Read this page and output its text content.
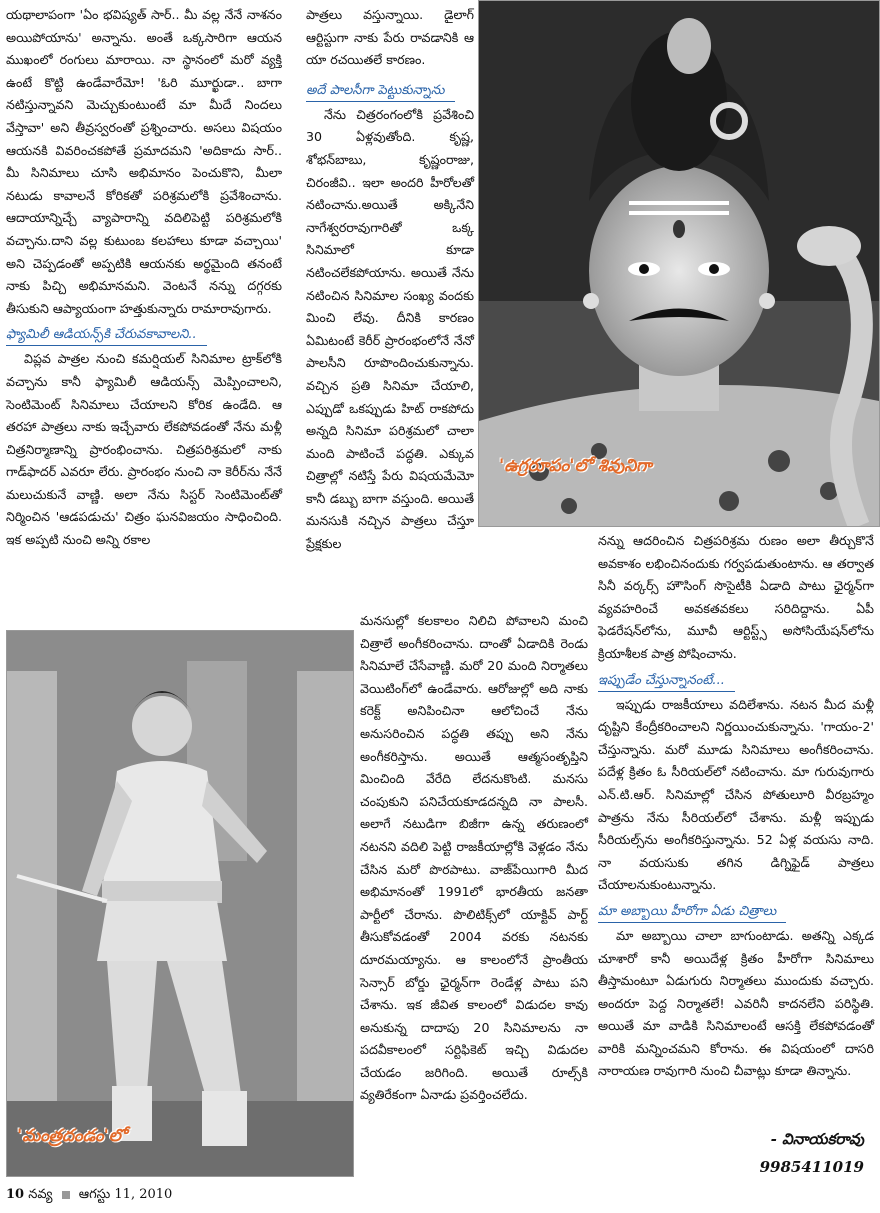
యథాలాపంగా 'ఏం భవిష్యత్ సార్.. మీ వల్ల నేనే నాశనం అయిపోయాను' అన్నాను. అంతే ఒక్కసారిగా ఆయన ముఖంలో రంగులు మారాయి. నా స్థానంలో మరో వ్యక్తి ఉంటే కొట్టి ఉండేవారేమో! 'ఓరి మూర్ఖుడా.. బాగా నటిస్తున్నావని మెచ్చుకుంటుంటే మా మీదే నిందలు వేస్తావా' అని తీవ్రస్వరంతో ప్రశ్నించారు. అసలు విషయం ఆయనకి వివరించకపోతే ప్రమాదమని 'అదికాదు సార్.. మీ సినిమాలు చూసి అభిమానం పెంచుకొని, మీలా నటుడు కావాలనే కోరికతో పరిశ్రమలోకి ప్రవేశించాను. ఆదాయాన్నిచ్చే వ్యాపారాన్ని వదిలిపెట్టి పరిశ్రమలోకి వచ్చాను.దాని వల్ల కుటుంబ కలహాలు కూడా వచ్చాయి' అని చెప్పడంతో అప్పటికి ఆయనకు అర్థమైంది తనంటే నాకు పిచ్చి అభిమానమని. వెంటనే నన్ను దగ్గరకు తీసుకుని ఆప్యాయంగా హత్తుకున్నారు రామారావుగారు.

ఫ్యామిలీ ఆడియన్స్‌కి చేరువకావాలని..

విప్లవ పాత్రల నుంచి కమర్షియల్ సినిమాల ట్రాక్‌లోకి వచ్చాను కానీ ఫ్యామిలీ ఆడియన్స్ మెప్పించాలని, సెంటిమెంట్ సినిమాలు చేయాలని కోరిక ఉండేది. ఆ తరహా పాత్రలు నాకు ఇచ్చేవారు లేకపోవడంతో నేను మళ్లీ చిత్రనిర్మాణాన్ని ప్రారంభించాను. చిత్రపరిశ్రమలో నాకు గాడ్‌ఫాదర్ ఎవరూ లేరు. ప్రారంభం నుంచి నా కెరీర్‌ను నేనే మలుచుకునే వాణ్ణి. అలా నేను సిస్టర్ సెంటిమెంట్‌తో నిర్మించిన 'ఆడపడుచు' చిత్రం ఘనవిజయం సాధించింది. ఇక అప్పటి నుంచి అన్ని రకాల

పాత్రలు వస్తున్నాయి. డైలాగ్ ఆర్టిస్టుగా నాకు పేరు రావడానికి ఆ యా రచయితలే కారణం.

అదే పాలసీగా పెట్టుకున్నాను

నేను చిత్రరంగంలోకి ప్రవేశించి 30 ఏళ్లవుతోంది. కృష్ణ, శోభన్‌బాబు, కృష్ణంరాజు, చిరంజీవి.. ఇలా అందరి హీరోలతో నటించాను.అయితే అక్కినేని నాగేశ్వరరావుగారితో ఒక్క సినిమాలో కూడా నటించలేకపోయాను. అయితే నేను నటించిన సినిమాల సంఖ్య వందకు మించి లేవు. దీనికి కారణం ఏమిటంటే కెరీర్ ప్రారంభంలోనే నేనో పాలసీని రూపొందించుకున్నాను. వచ్చిన ప్రతి సినిమా చేయాలి, ఎప్పుడో ఒకప్పుడు హిట్ రాకపోదు అన్నది సినిమా పరిశ్రమలో చాలా మంది పాటించే పద్ధతి. ఎక్కువ చిత్రాల్లో నటిస్తే పేరు విషయమేమో కానీ డబ్బు బాగా వస్తుంది. అయితే మనసుకి నచ్చిన పాత్రలు చేస్తూ ప్రేక్షకుల

మనసుల్లో కలకాలం నిలిచి పోవాలని మంచి చిత్రాలే అంగీకరించాను. దాంతో ఏడాదికి రెండు సినిమాలే చేసేవాణ్ణి. మరో 20 మంది నిర్మాతలు వెయిటింగ్‌లో ఉండేవారు. ఆరోజుల్లో అది నాకు కరెక్ట్ అనిపించినా ఆలోచించే నేను అనుసరించిన పద్ధతి తప్పు అని నేను అంగీకరిస్తాను. అయితే ఆత్మసంతృప్తిని మించింది వేరేది లేదనుకొంటి. మనసు చంపుకుని పనిచేయకూడదన్నది నా పాలసీ. అలాగే నటుడిగా బిజీగా ఉన్న తరుణంలో నటనని వదిలి పెట్టి రాజకీయాల్లోకి వెళ్లడం నేను చేసిన మరో పొరపాటు. వాజ్‌పేయిగారి మీద అభిమానంతో 1991లో భారతీయ జనతా పార్టీలో చేరాను. పొలిటిక్స్‌లో యాక్టివ్ పార్ట్ తీసుకోవడంతో 2004 వరకు నటనకు దూరమయ్యాను. ఆ కాలంలోనే ప్రాంతీయ సెన్సార్ బోర్డు ఛైర్మన్‌గా రెండేళ్ల పాటు పని చేశాను. ఇక జీవిత కాలంలో విడుదల కావు అనుకున్న దాదాపు 20 సినిమాలను నా పదవీకాలంలో సర్టిఫికెట్ ఇచ్చి విడుదల చేయడం జరిగింది. అయితే రూల్స్‌కి వ్యతిరేకంగా ఏనాడు ప్రవర్తించలేదు.

నన్ను ఆదరించిన చిత్రపరిశ్రమ రుణం అలా తీర్చుకొనే అవకాశం లభించినందుకు గర్వపడుతుంటాను. ఆ తర్వాత సినీ వర్కర్స్ హౌసింగ్ సొసైటీకి ఏడాది పాటు ఛైర్మన్‌గా వ్యవహరించే అవకతవకలు సరిదిద్దాను. ఏపీ ఫెడరేషన్‌లోను, మూవీ ఆర్టిస్ట్స్ అసోసియేషన్‌లోను క్రియాశీలక పాత్ర పోషించాను.

ఇప్పుడేం చేస్తున్నానంటే...

ఇప్పుడు రాజకీయాలు వదిలేశాను. నటన మీద మళ్లీ దృష్టిని కేంద్రీకరించాలని నిర్ణయించుకున్నాను. 'గాయం-2' చేస్తున్నాను. మరో మూడు సినిమాలు అంగీకరించాను. పదేళ్ల క్రితం ఓ సీరియల్‌లో నటించాను. మా గురువుగారు ఎన్.టి.ఆర్. సినిమాల్లో చేసిన పోతులూరి వీరబ్రహ్మం పాత్రను నేను సీరియల్‌లో చేశాను. మళ్లీ ఇప్పుడు సీరియల్స్‌ను అంగీకరిస్తున్నాను. 52 ఏళ్ల వయసు నాది. నా వయసుకు తగిన డిగ్నిఫైడ్ పాత్రలు చేయాలనుకుంటున్నాను.

మా అబ్బాయి హీరోగా ఏడు చిత్రాలు

మా అబ్బాయి చాలా బాగుంటాడు. అతన్ని ఎక్కడ చూశారో కానీ అయిదేళ్ల క్రితం హీరోగా సినిమాలు తీస్తామంటూ ఏడుగురు నిర్మాతలు ముందుకు వచ్చారు. అందరూ పెద్ద నిర్మాతలే! ఎవరినీ కాదనలేని పరిస్థితి. అయితే మా వాడికి సినిమాలంటే ఆసక్తి లేకపోవడంతో వారికి మన్నించమని కోరాను. ఈ విషయంలో దాసరి నారాయణ రావుగారి నుంచి చీవాట్లు కూడా తిన్నాను.

- వినాయకరావు
9985411019
'ఉగ్రరూపం'లో శివునిగా
'మంత్రదండం'లో
10 నవ్య ఆగస్టు 11, 2010
